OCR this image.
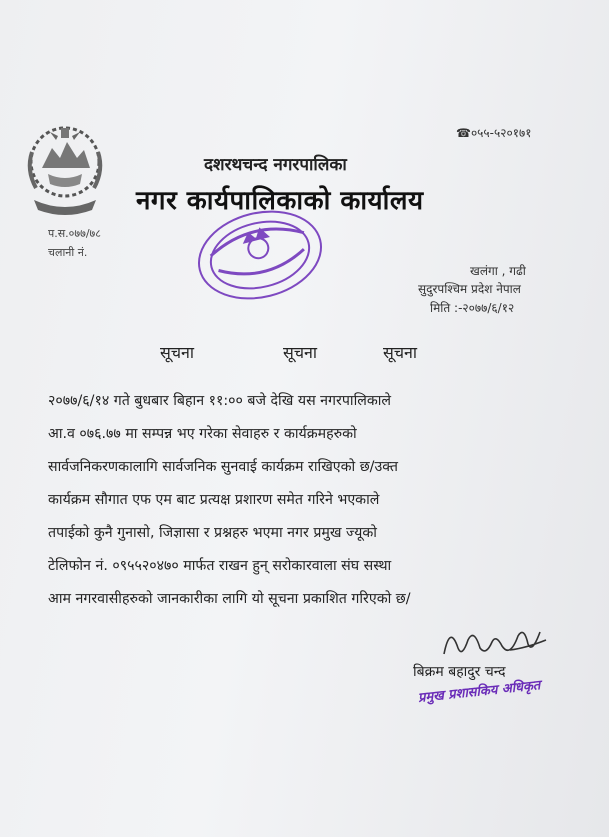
☎०५५-५२०१७१
दशरथचन्द नगरपालिका
नगर कार्यपालिकाको कार्यालय
प.स.०७७/७८
चलानी नं.
खलंगा , गढी
सुदुरपश्चिम प्रदेश नेपाल
मिति :-२०७७/६/१२
सूचना	सूचना	सूचना
२०७७/६/१४ गते बुधबार बिहान ११:०० बजे देखि यस नगरपालिकाले
आ.व ०७६.७७ मा सम्पन्न भए गरेका सेवाहरु र कार्यक्रमहरुको
सार्वजनिकरणकालागि सार्वजनिक सुनवाई कार्यक्रम राखिएको छ/उक्त
कार्यक्रम सौगात एफ एम बाट प्रत्यक्ष प्रशारण समेत गरिने भएकाले
तपाईको कुनै गुनासो, जिज्ञासा र प्रश्नहरु भएमा नगर प्रमुख ज्यूको
टेलिफोन नं. ०९५५२०४७० मार्फत राखन हुन् सरोकारवाला संघ सस्था
आम नगरवासीहरुको जानकारीका लागि यो सूचना प्रकाशित गरिएको छ/
बिक्रम बहादुर चन्द
प्रमुख प्रशासकिय अधिकृत
